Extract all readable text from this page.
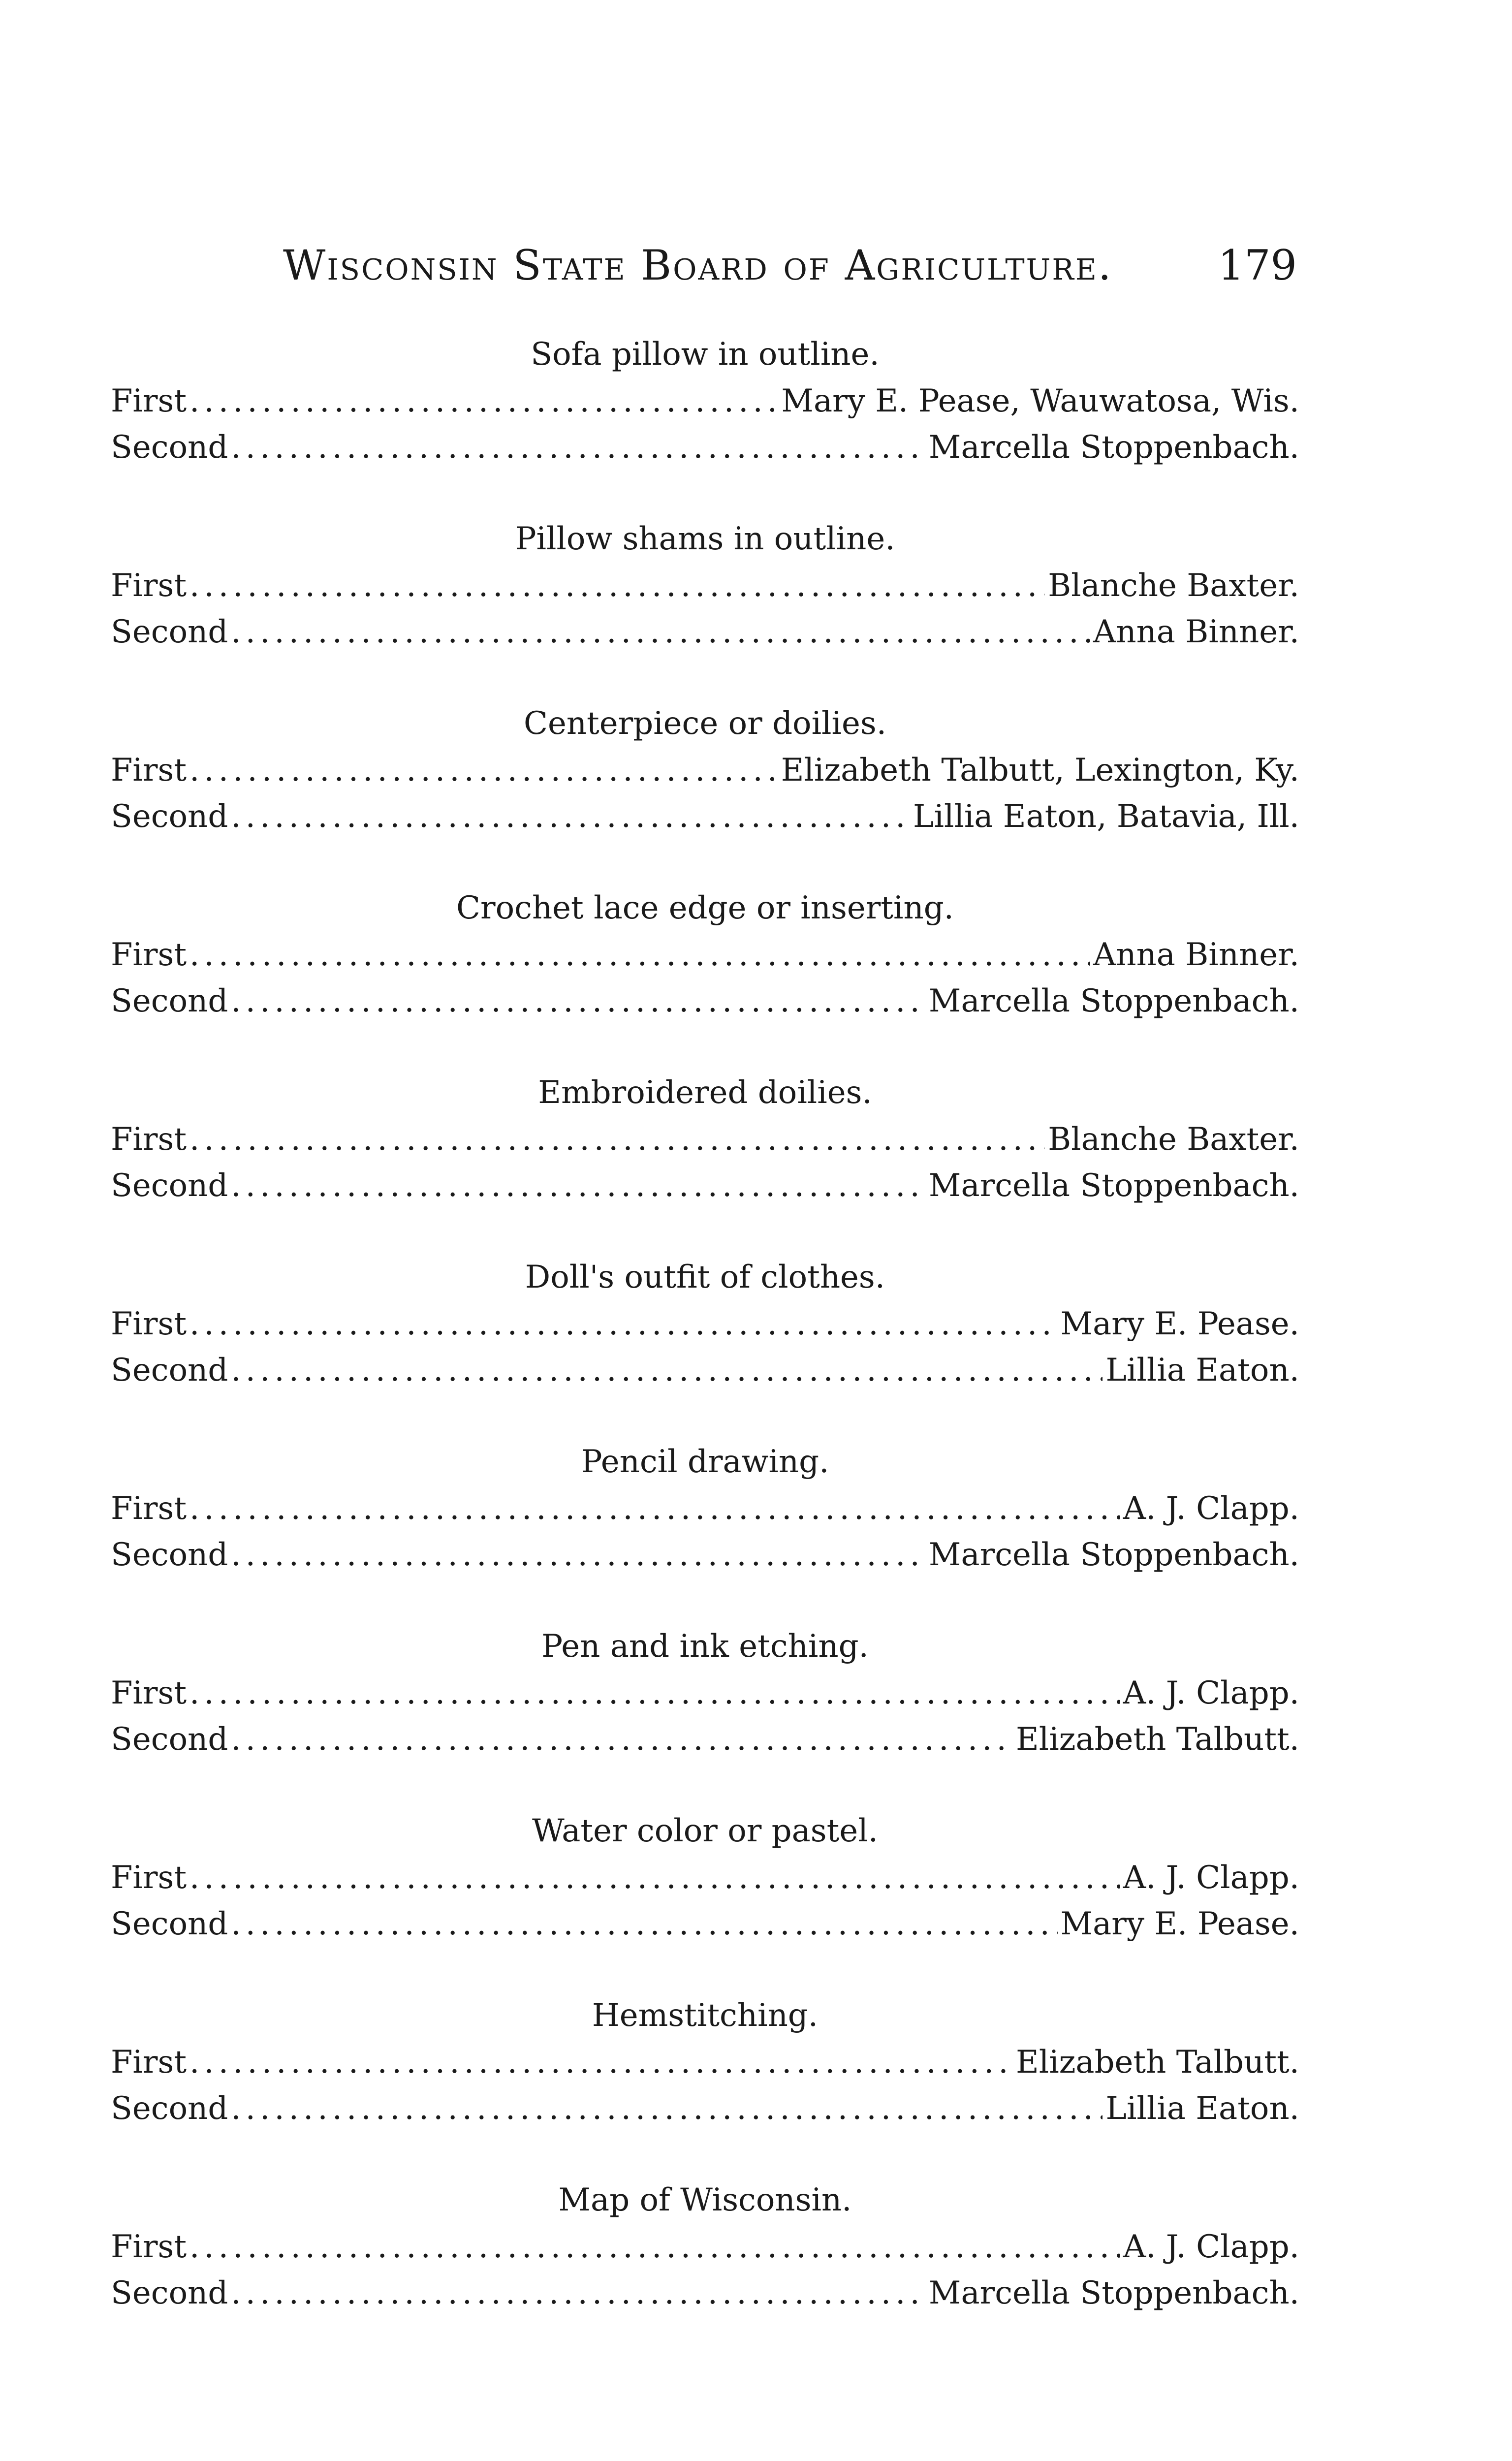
Wisconsin State Board of Agriculture.	179
Sofa pillow in outline.
First .....	Mary E. Pease, Wauwatosa, Wis.
Second .....	Marcella Stoppenbach.
Pillow shams in outline.
First .....	Blanche Baxter.
Second .....	Anna Binner.
Centerpiece or doilies.
First .....	Elizabeth Talbutt, Lexington, Ky.
Second .....	Lillia Eaton, Batavia, Ill.
Crochet lace edge or inserting.
First .....	Anna Binner.
Second .....	Marcella Stoppenbach.
Embroidered doilies.
First .....	Blanche Baxter.
Second .....	Marcella Stoppenbach.
Doll's outfit of clothes.
First .....	Mary E. Pease.
Second .....	Lillia Eaton.
Pencil drawing.
First .....	A. J. Clapp.
Second .....	Marcella Stoppenbach.
Pen and ink etching.
First .....	A. J. Clapp.
Second .....	Elizabeth Talbutt.
Water color or pastel.
First .....	A. J. Clapp.
Second .....	Mary E. Pease.
Hemstitching.
First .....	Elizabeth Talbutt.
Second .....	Lillia Eaton.
Map of Wisconsin.
First .....	A. J. Clapp.
Second .....	Marcella Stoppenbach.
